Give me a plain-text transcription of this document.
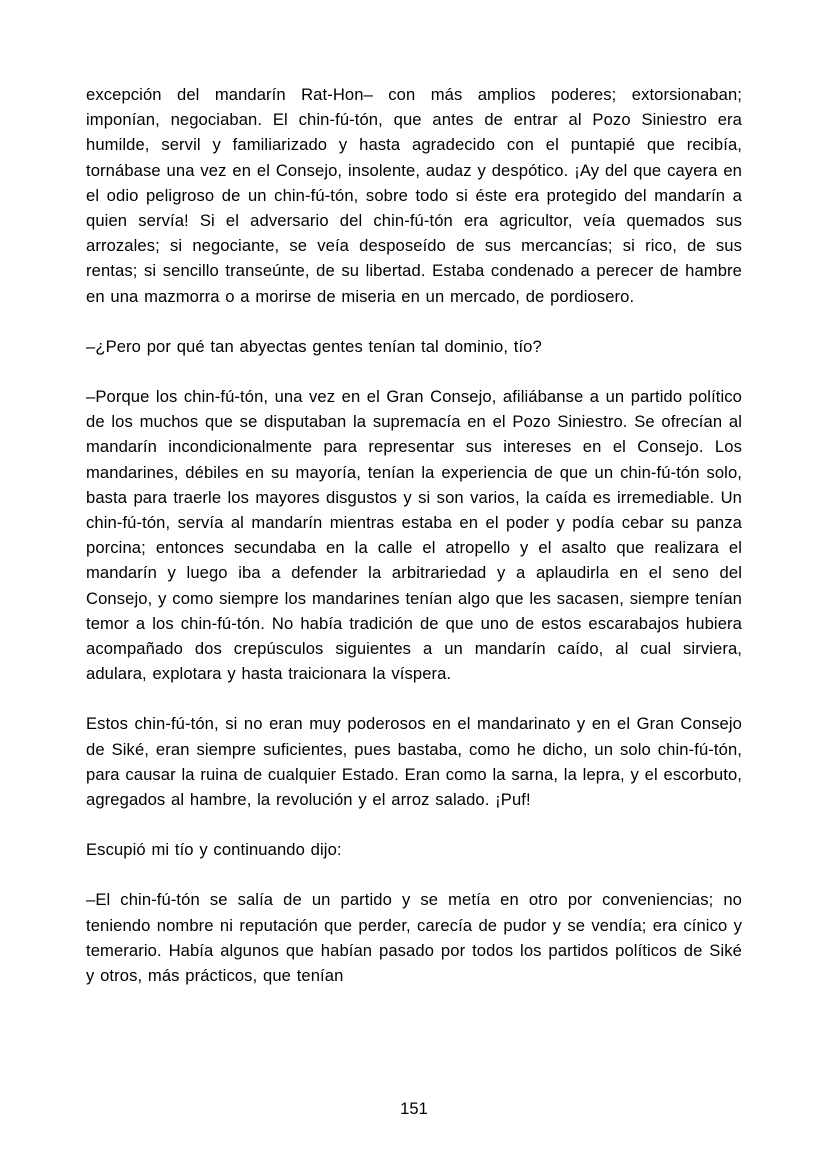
excepción del mandarín Rat-Hon– con más amplios poderes; extorsionaban; imponían, negociaban. El chin-fú-tón, que antes de entrar al Pozo Siniestro era humilde, servil y familiarizado y hasta agradecido con el puntapié que recibía, tornábase una vez en el Consejo, insolente, audaz y despótico. ¡Ay del que cayera en el odio peligroso de un chin-fú-tón, sobre todo si éste era protegido del mandarín a quien servía! Si el adversario del chin-fú-tón era agricultor, veía quemados sus arrozales; si negociante, se veía desposeído de sus mercancías; si rico, de sus rentas; si sencillo transeúnte, de su libertad. Estaba condenado a perecer de hambre en una mazmorra o a morirse de miseria en un mercado, de pordiosero.

–¿Pero por qué tan abyectas gentes tenían tal dominio, tío?

–Porque los chin-fú-tón, una vez en el Gran Consejo, afiliábanse a un partido político de los muchos que se disputaban la supremacía en el Pozo Siniestro. Se ofrecían al mandarín incondicionalmente para representar sus intereses en el Consejo. Los mandarines, débiles en su mayoría, tenían la experiencia de que un chin-fú-tón solo, basta para traerle los mayores disgustos y si son varios, la caída es irremediable. Un chin-fú-tón, servía al mandarín mientras estaba en el poder y podía cebar su panza porcina; entonces secundaba en la calle el atropello y el asalto que realizara el mandarín y luego iba a defender la arbitrariedad y a aplaudirla en el seno del Consejo, y como siempre los mandarines tenían algo que les sacasen, siempre tenían temor a los chin-fú-tón. No había tradición de que uno de estos escarabajos hubiera acompañado dos crepúsculos siguientes a un mandarín caído, al cual sirviera, adulara, explotara y hasta traicionara la víspera.

Estos chin-fú-tón, si no eran muy poderosos en el mandarinato y en el Gran Consejo de Siké, eran siempre suficientes, pues bastaba, como he dicho, un solo chin-fú-tón, para causar la ruina de cualquier Estado. Eran como la sarna, la lepra, y el escorbuto, agregados al hambre, la revolución y el arroz salado. ¡Puf!

Escupió mi tío y continuando dijo:

–El chin-fú-tón se salía de un partido y se metía en otro por conveniencias; no teniendo nombre ni reputación que perder, carecía de pudor y se vendía; era cínico y temerario. Había algunos que habían pasado por todos los partidos políticos de Siké y otros, más prácticos, que tenían

151
